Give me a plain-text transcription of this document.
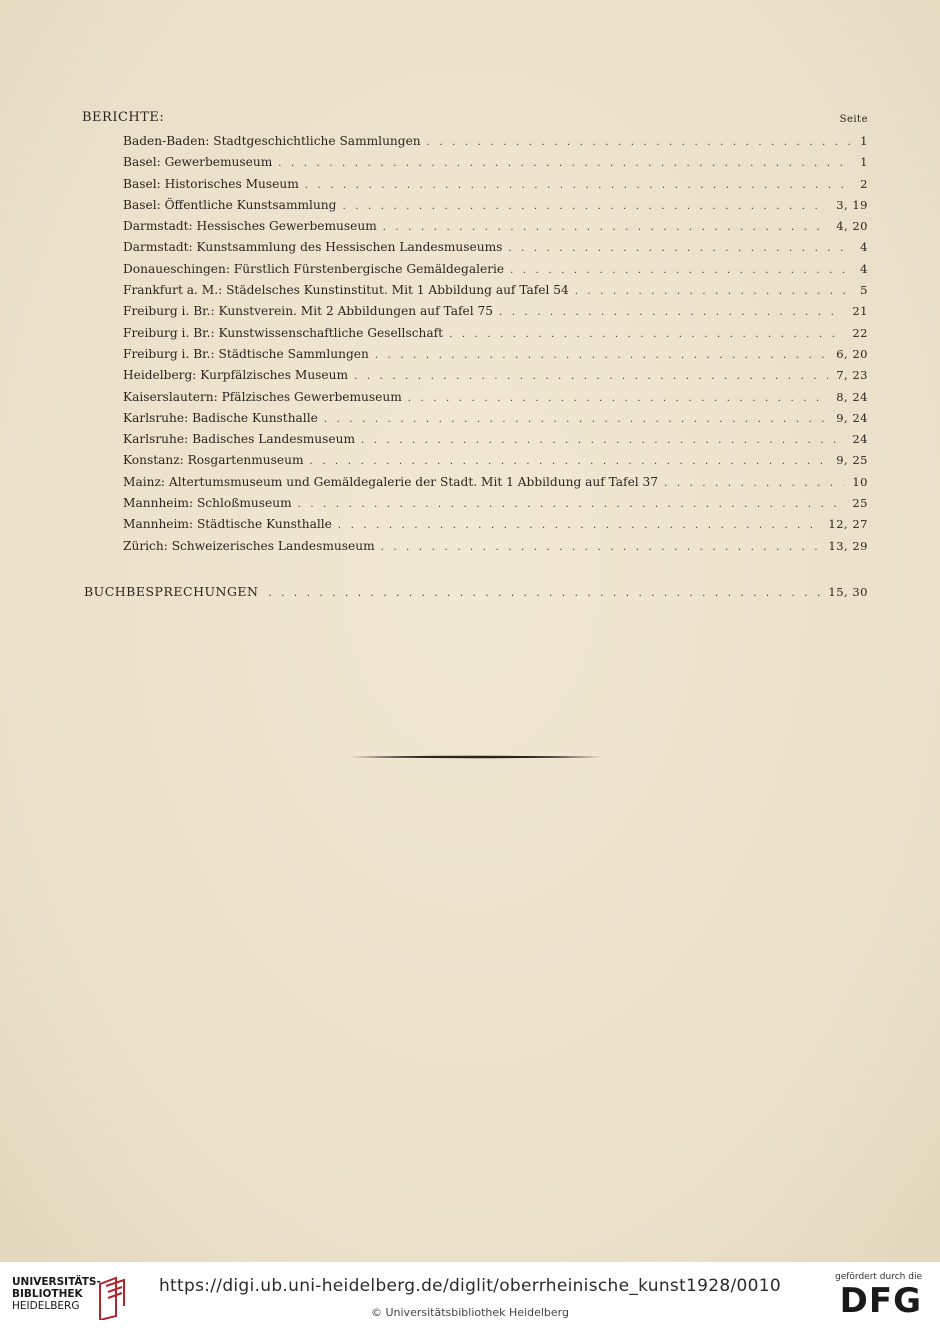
BERICHTE:	Seite
Baden-Baden: Stadtgeschichtliche Sammlungen . . .	1
Basel: Gewerbemuseum . . .	1
Basel: Historisches Museum . . .	2
Basel: Öffentliche Kunstsammlung . . .	3, 19
Darmstadt: Hessisches Gewerbemuseum . . .	4, 20
Darmstadt: Kunstsammlung des Hessischen Landesmuseums . . .	4
Donaueschingen: Fürstlich Fürstenbergische Gemäldegalerie . . .	4
Frankfurt a. M.: Städelsches Kunstinstitut. Mit 1 Abbildung auf Tafel 54 . . .	5
Freiburg i. Br.: Kunstverein. Mit 2 Abbildungen auf Tafel 75 . . .	21
Freiburg i. Br.: Kunstwissenschaftliche Gesellschaft . . .	22
Freiburg i. Br.: Städtische Sammlungen . . .	6, 20
Heidelberg: Kurpfälzisches Museum . . .	7, 23
Kaiserslautern: Pfälzisches Gewerbemuseum . . .	8, 24
Karlsruhe: Badische Kunsthalle . . .	9, 24
Karlsruhe: Badisches Landesmuseum . . .	24
Konstanz: Rosgartenmuseum . . .	9, 25
Mainz: Altertumsmuseum und Gemäldegalerie der Stadt. Mit 1 Abbildung auf Tafel 37 . . .	10
Mannheim: Schloßmuseum . . .	25
Mannheim: Städtische Kunsthalle . . .	12, 27
Zürich: Schweizerisches Landesmuseum . . .	13, 29
BUCHBESPRECHUNGEN . . .	15, 30
UNIVERSITÄTS-
BIBLIOTHEK
HEIDELBERG
https://digi.ub.uni-heidelberg.de/diglit/oberrheinische_kunst1928/0010
© Universitätsbibliothek Heidelberg
gefördert durch die
DFG
